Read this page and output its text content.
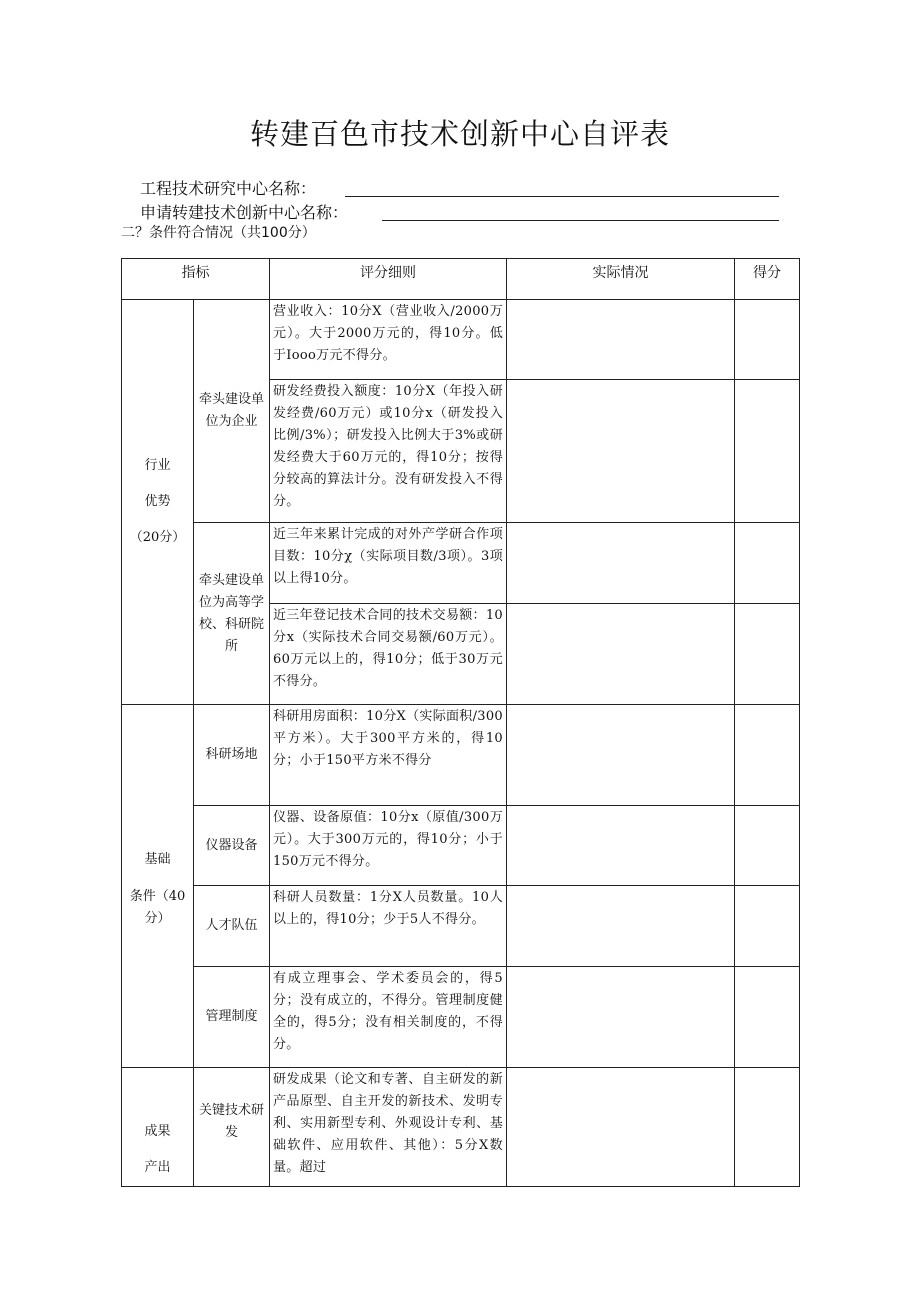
转建百色市技术创新中心自评表
工程技术研究中心名称：
申请转建技术创新中心名称：
二？条件符合情况（共100分）
指标		评分细则	实际情况	得分

行业
优势
（20分）	牵头建设单位为企业	营业收入：10分X（营业收入/2000万元）。大于2000万元的，得10分。低于Iooo万元不得分。		
		研发经费投入额度：10分X（年投入研发经费/60万元）或10分x（研发投入比例/3%）；研发投入比例大于3%或研发经费大于60万元的，得10分；按得分较高的算法计分。没有研发投入不得分。		
	牵头建设单位为高等学校、科研院所	近三年来累计完成的对外产学研合作项目数：10分χ（实际项目数/3项）。3项以上得10分。		
		近三年登记技术合同的技术交易额：10分x（实际技术合同交易额/60万元）。60万元以上的，得10分；低于30万元不得分。		

基础
条件（40
分）	科研场地	科研用房面积：10分X（实际面积/300平方米）。大于300平方米的，得10分；小于150平方米不得分		
	仪器设备	仪器、设备原值：10分x（原值/300万元）。大于300万元的，得10分；小于150万元不得分。		
	人才队伍	科研人员数量：1分X人员数量。10人以上的，得10分；少于5人不得分。		
	管理制度	有成立理事会、学术委员会的，得5分；没有成立的，不得分。管理制度健全的，得5分；没有相关制度的，不得分。		

成果
产出	关键技术研发	研发成果（论文和专著、自主研发的新产品原型、自主开发的新技术、发明专利、实用新型专利、外观设计专利、基础软件、应用软件、其他）：5分X数量。超过		
